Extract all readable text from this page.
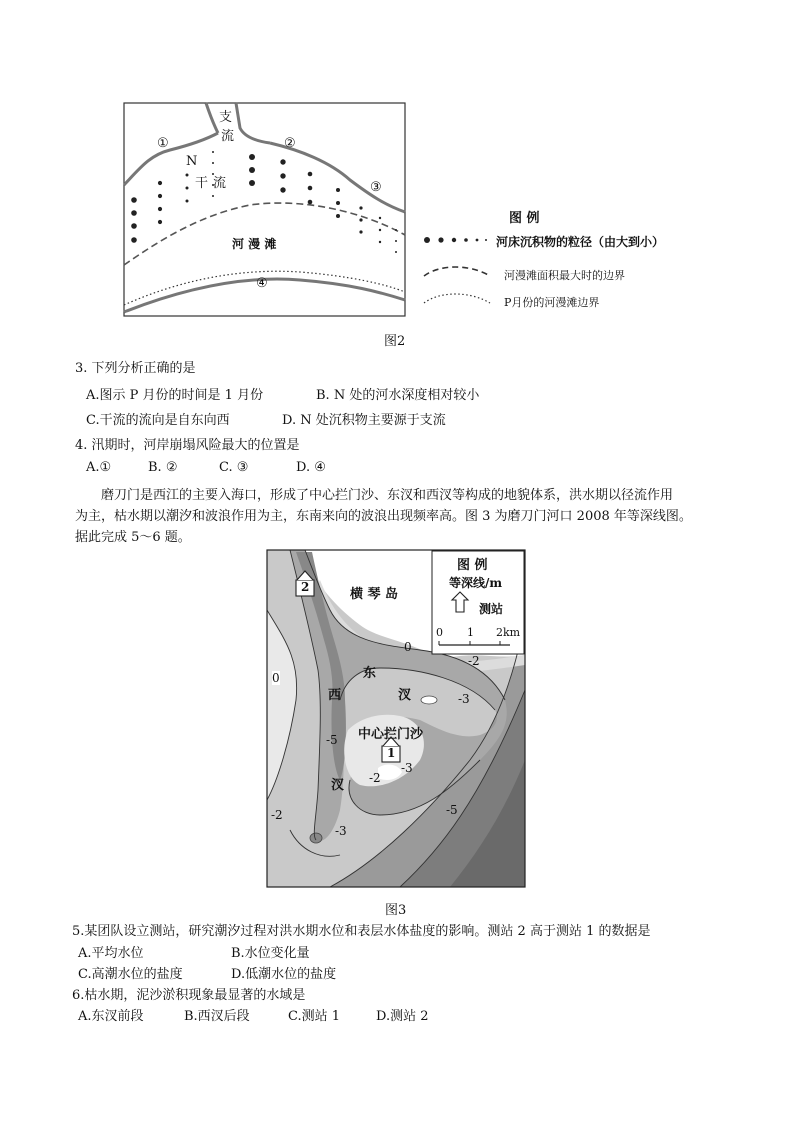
支
流
N
干 流
河 漫 滩
①	②
③
④
图 例
河床沉积物的粒径（由大到小）
河漫滩面积最大时的边界
P月份的河漫滩边界
图2
3. 下列分析正确的是
A.图示 P 月份的时间是 1 月份	B. N 处的河水深度相对较小
C.干流的流向是自东向西	D. N 处沉积物主要源于支流
4. 汛期时，河岸崩塌风险最大的位置是
A.①	B. ②	C. ③	D. ④
磨刀门是西江的主要入海口，形成了中心拦门沙、东汊和西汊等构成的地貌体系，洪水期以径流作用
为主，枯水期以潮汐和波浪作用为主，东南来向的波浪出现频率高。图 3 为磨刀门河口 2008 年等深线图。
据此完成 5～6 题。
横 琴 岛
东
汊
西
汊
中心拦门沙
2
1
0
0
-2
-3
-5
-2
-3
-2
-3
-5
图 例
等深线/m
测站
0 1 2km
图3
5.某团队设立测站，研究潮汐过程对洪水期水位和表层水体盐度的影响。测站 2 高于测站 1 的数据是
A.平均水位	B.水位变化量
C.高潮水位的盐度	D.低潮水位的盐度
6.枯水期，泥沙淤积现象最显著的水域是
A.东汊前段	B.西汊后段	C.测站 1	D.测站 2
